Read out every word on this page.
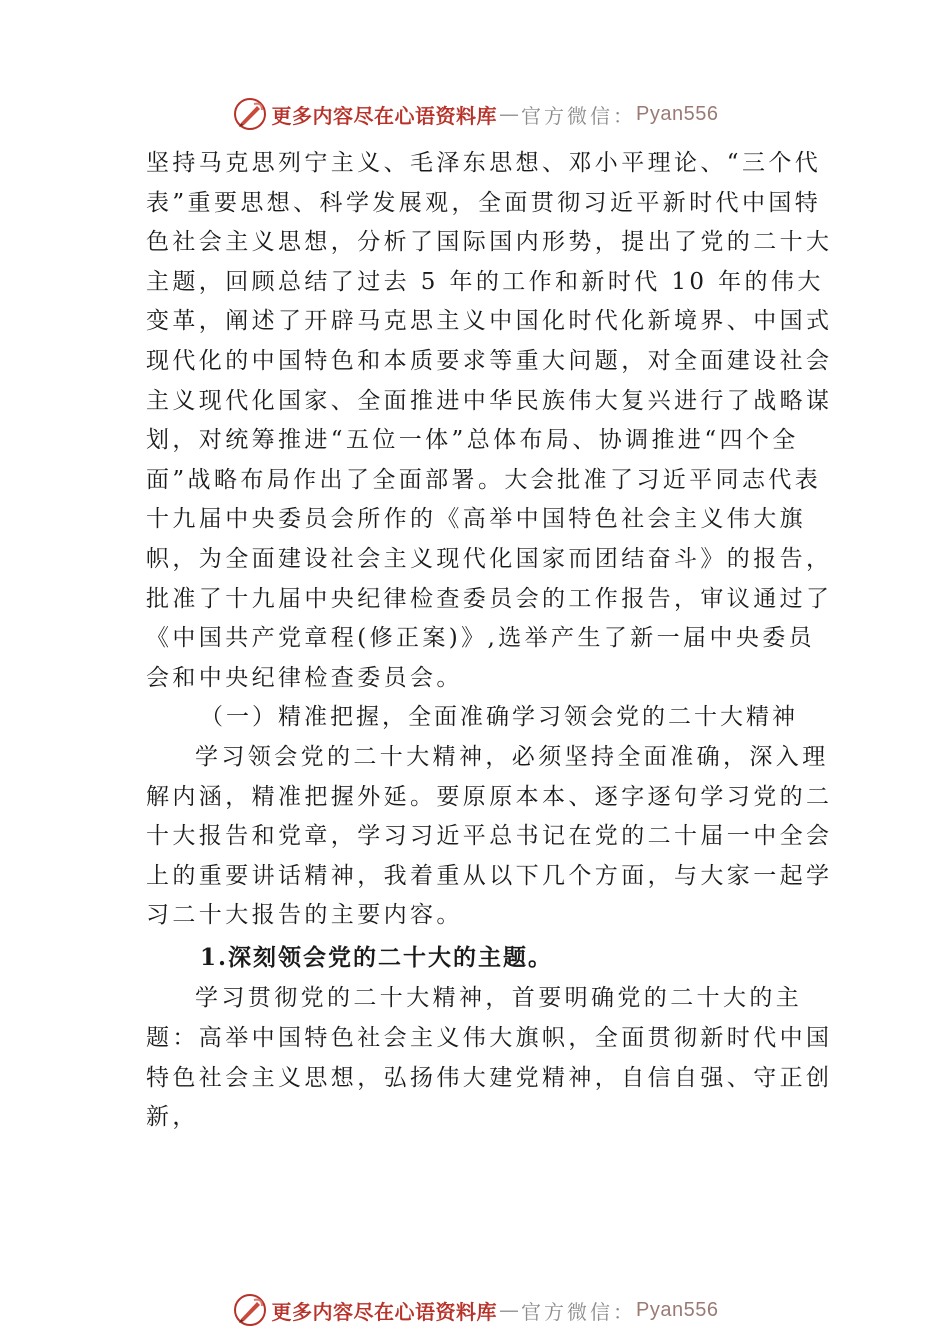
更多内容尽在心语资料库 — 官方微信： Pyan556

坚持马克思列宁主义、毛泽东思想、邓小平理论、“三个代表”重要思想、科学发展观，全面贯彻习近平新时代中国特色社会主义思想，分析了国际国内形势，提出了党的二十大主题，回顾总结了过去 5 年的工作和新时代 10 年的伟大变革，阐述了开辟马克思主义中国化时代化新境界、中国式现代化的中国特色和本质要求等重大问题，对全面建设社会主义现代化国家、全面推进中华民族伟大复兴进行了战略谋划，对统筹推进“五位一体”总体布局、协调推进“四个全面”战略布局作出了全面部署。大会批准了习近平同志代表十九届中央委员会所作的《高举中国特色社会主义伟大旗帜，为全面建设社会主义现代化国家而团结奋斗》的报告，批准了十九届中央纪律检查委员会的工作报告，审议通过了《中国共产党章程(修正案)》,选举产生了新一届中央委员会和中央纪律检查委员会。

（一）精准把握，全面准确学习领会党的二十大精神

学习领会党的二十大精神，必须坚持全面准确，深入理解内涵，精准把握外延。要原原本本、逐字逐句学习党的二十大报告和党章，学习习近平总书记在党的二十届一中全会上的重要讲话精神，我着重从以下几个方面，与大家一起学习二十大报告的主要内容。

1.深刻领会党的二十大的主题。

学习贯彻党的二十大精神，首要明确党的二十大的主题：高举中国特色社会主义伟大旗帜，全面贯彻新时代中国特色社会主义思想，弘扬伟大建党精神，自信自强、守正创新，

更多内容尽在心语资料库 — 官方微信： Pyan556
